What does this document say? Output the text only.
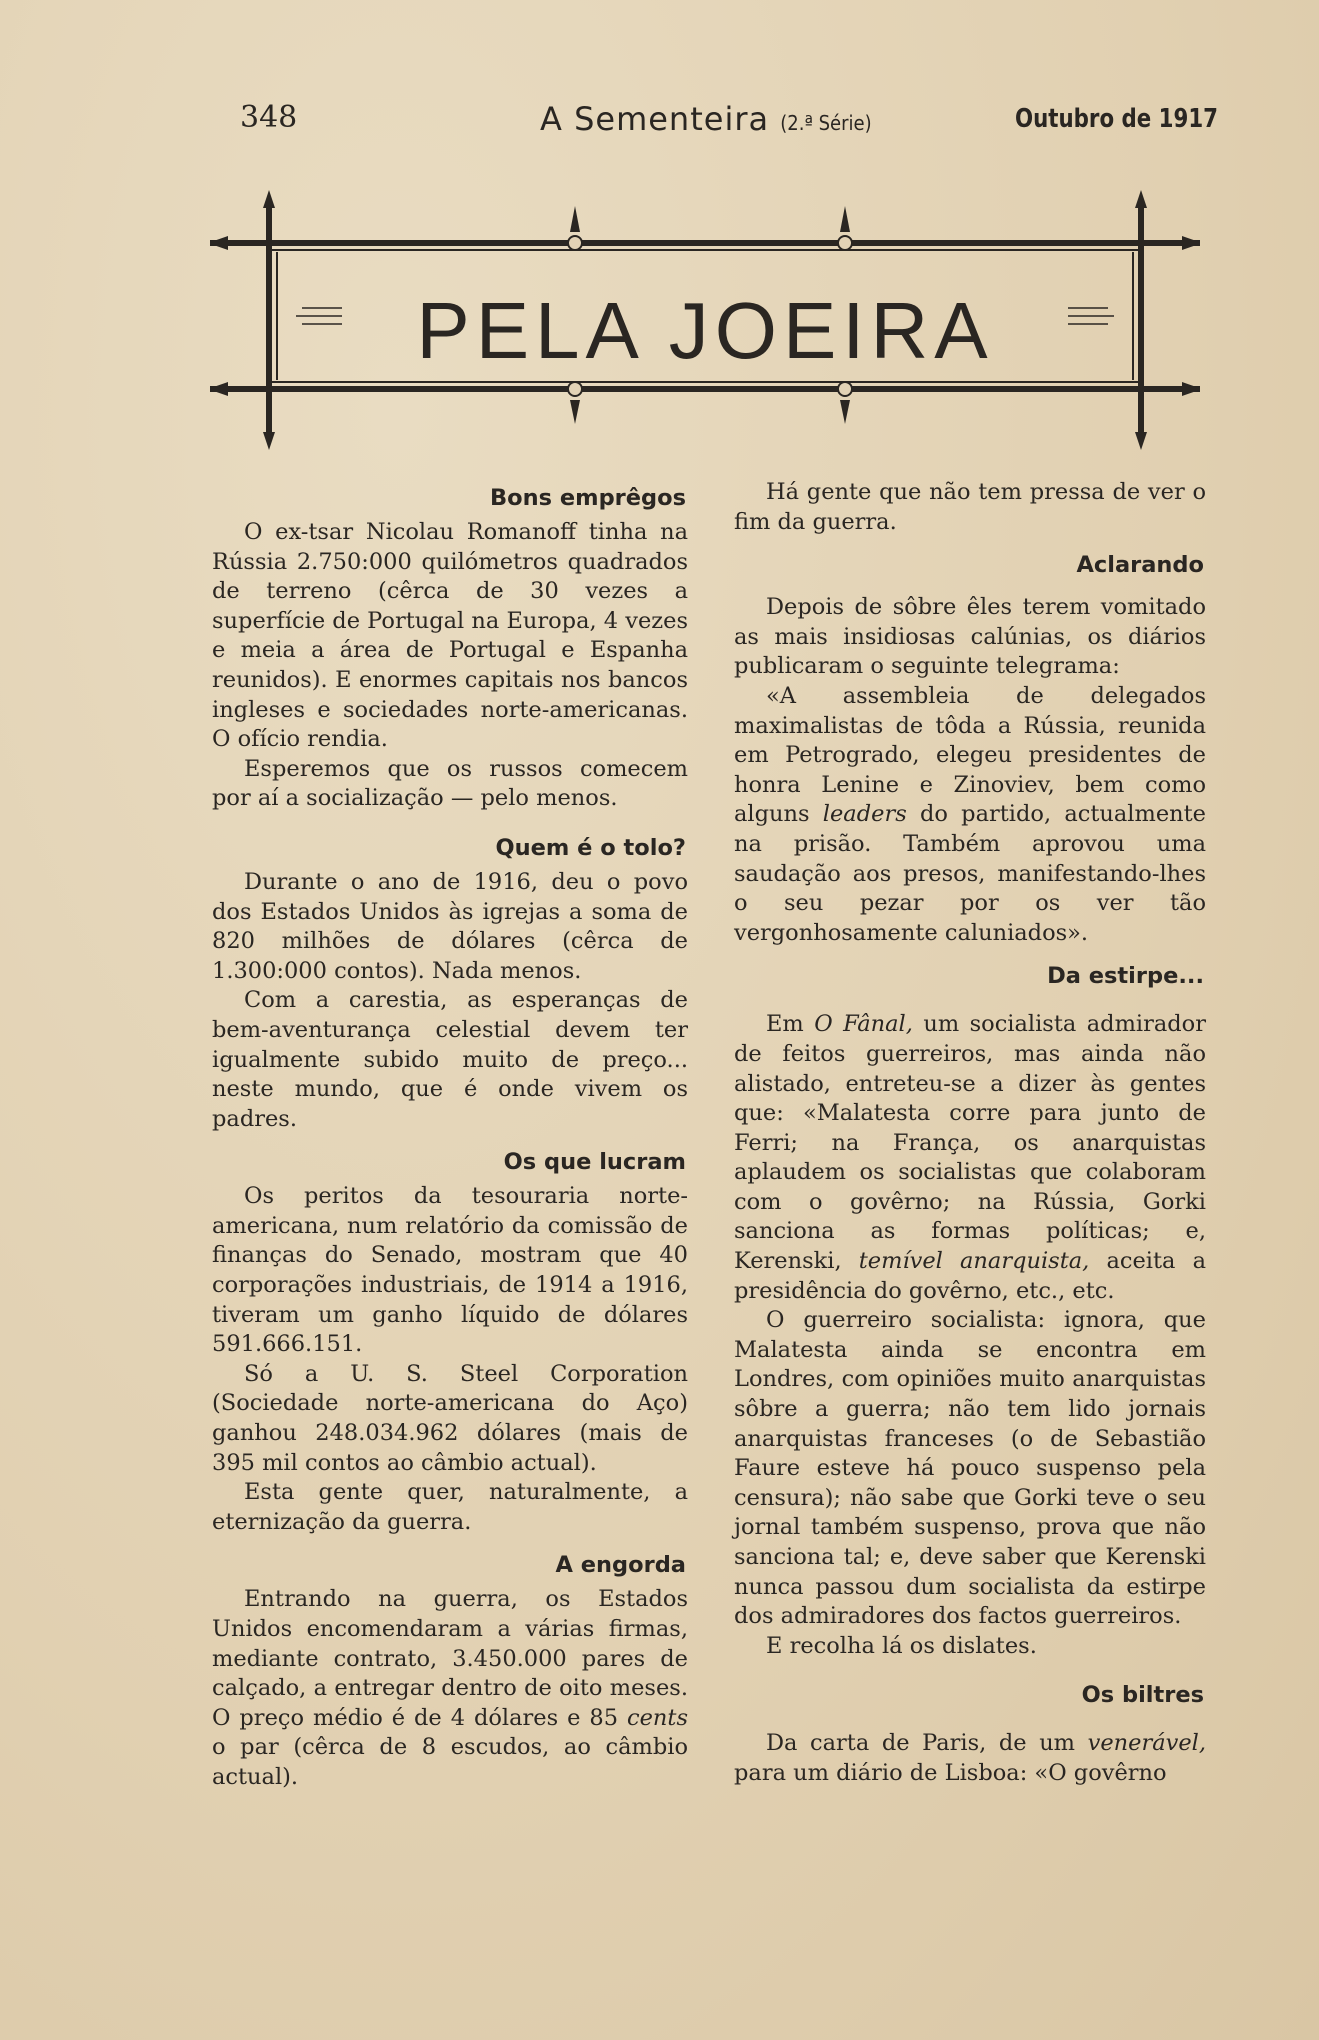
348	A Sementeira (2.ª Série)	Outubro de 1917
PELA JOEIRA
Bons emprêgos

O ex-tsar Nicolau Romanoff tinha na Rússia 2.750:000 quilómetros quadrados de terreno (cêrca de 30 vezes a superfície de Portugal na Europa, 4 vezes e meia a área de Portugal e Espanha reunidos). E enormes capitais nos bancos ingleses e sociedades norte-americanas. O ofício rendia.

Esperemos que os russos comecem por aí a socialização — pelo menos.

Quem é o tolo?

Durante o ano de 1916, deu o povo dos Estados Unidos às igrejas a soma de 820 milhões de dólares (cêrca de 1.300:000 contos). Nada menos.

Com a carestia, as esperanças de bem-aventurança celestial devem ter igualmente subido muito de preço... neste mundo, que é onde vivem os padres.

Os que lucram

Os peritos da tesouraria norte-americana, num relatório da comissão de finanças do Senado, mostram que 40 corporações industriais, de 1914 a 1916, tiveram um ganho líquido de dólares 591.666.151.

Só a U. S. Steel Corporation (Sociedade norte-americana do Aço) ganhou 248.034.962 dólares (mais de 395 mil contos ao câmbio actual).

Esta gente quer, naturalmente, a eternização da guerra.

A engorda

Entrando na guerra, os Estados Unidos encomendaram a várias firmas, mediante contrato, 3.450.000 pares de calçado, a entregar dentro de oito meses. O preço médio é de 4 dólares e 85 cents o par (cêrca de 8 escudos, ao câmbio actual).

Há gente que não tem pressa de ver o fim da guerra.

Aclarando

Depois de sôbre êles terem vomitado as mais insidiosas calúnias, os diários publicaram o seguinte telegrama:

«A assembleia de delegados maximalistas de tôda a Rússia, reunida em Petrogrado, elegeu presidentes de honra Lenine e Zinoviev, bem como alguns leaders do partido, actualmente na prisão. Também aprovou uma saudação aos presos, manifestando-lhes o seu pezar por os ver tão vergonhosamente caluniados».

Da estirpe...

Em O Fânal, um socialista admirador de feitos guerreiros, mas ainda não alistado, entreteu-se a dizer às gentes que: «Malatesta corre para junto de Ferri; na França, os anarquistas aplaudem os socialistas que colaboram com o govêrno; na Rússia, Gorki sanciona as formas políticas; e, Kerenski, temível anarquista, aceita a presidência do govêrno, etc., etc.

O guerreiro socialista: ignora, que Malatesta ainda se encontra em Londres, com opiniões muito anarquistas sôbre a guerra; não tem lido jornais anarquistas franceses (o de Sebastião Faure esteve há pouco suspenso pela censura); não sabe que Gorki teve o seu jornal também suspenso, prova que não sanciona tal; e, deve saber que Kerenski nunca passou dum socialista da estirpe dos admiradores dos factos guerreiros.

E recolha lá os dislates.

Os biltres

Da carta de Paris, de um venerável, para um diário de Lisboa: «O govêrno
